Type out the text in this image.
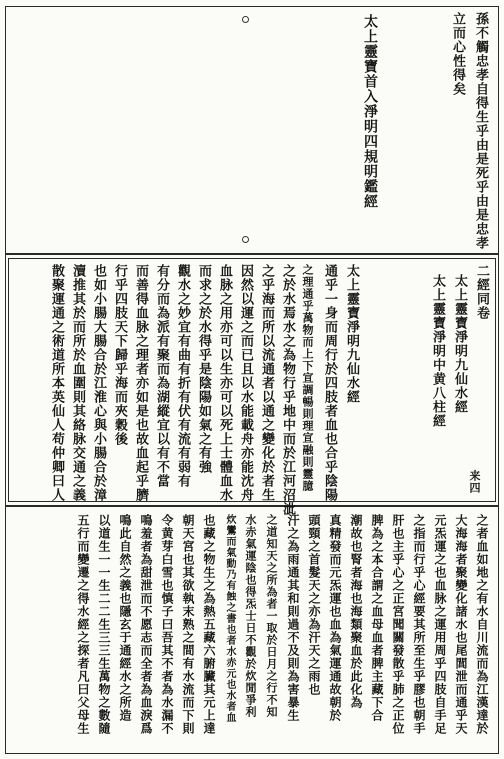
孫不觸忠孝自得生乎由是死乎由是忠孝
立而心性得矣
太上靈寶首入淨明四規明鑑經
二經同卷
太上靈寶淨明九仙水經
太上靈寶淨明中黄八柱經
太上靈寶淨明九仙水經
通乎一身而周行於四肢者血也合乎陰陽
之理通乎萬物而上下宣調暢則理宣融則靈臆
之於水焉水之為物行乎地中而於江河沼泚
之乎海而所以流通者以通之變化於者生
因然以運之而已且以水能載舟亦能沈舟
血脉之用亦可以生亦可以死上士體血水
而求之於水得乎是陰陽如氣之有強
觀水之妙宜有曲有折有伏有流有弱有
有分而為派有聚而為湖縱宜以有不當
而善得血脉之理者亦如是也故血起乎臍
行乎四肢天下歸乎海而夾穀後
也如小腸大腸合於江淮心與小腸合於漳
瀆推其於而所於血圍則其絡脉交通之義
散聚運通之術道所本英仙人苟仲卿曰人	来四
之者血如地之有水自川流而為江漢達於
大海海者聚變化諸水也尾閭泄而通乎天
元炁運之也血脉之運用周乎四肢自手足
之指而行乎心經要其所至生乎膠也朝手
肝也主乎心之正宮聞關發散乎肺之正位
脾為之本合謂之血母血者脾主藏下合
潮故也腎者海也海類聚血於此化為
真精發而元炁運也血為氣運通故朝於
頭頸之首髮天之亦為汗天之雨也
汗之為雨通其和則過不及則為害暴生
之道知天之所為者一取於日月之行不知
水赤氣運陰也得炁士日不觀於炊閒爭利
炊鸞而氣動乃有蝕之書也者水赤元也水者血
也藏之物生之為熱五藏六腑臟其元上達
朝天宮也其欲執末熟之間有水流而下則
令黄芽白雪也慎子曰吾其不者為水漏不
鳴羞者為甜泄而不愿志而全者為血淚爲
鳴此自然之義也隱玄于通經水之所造
以道生一一生二二生三三生萬物之數隨
五行而變遷之得水經之探者凡曰父母生
